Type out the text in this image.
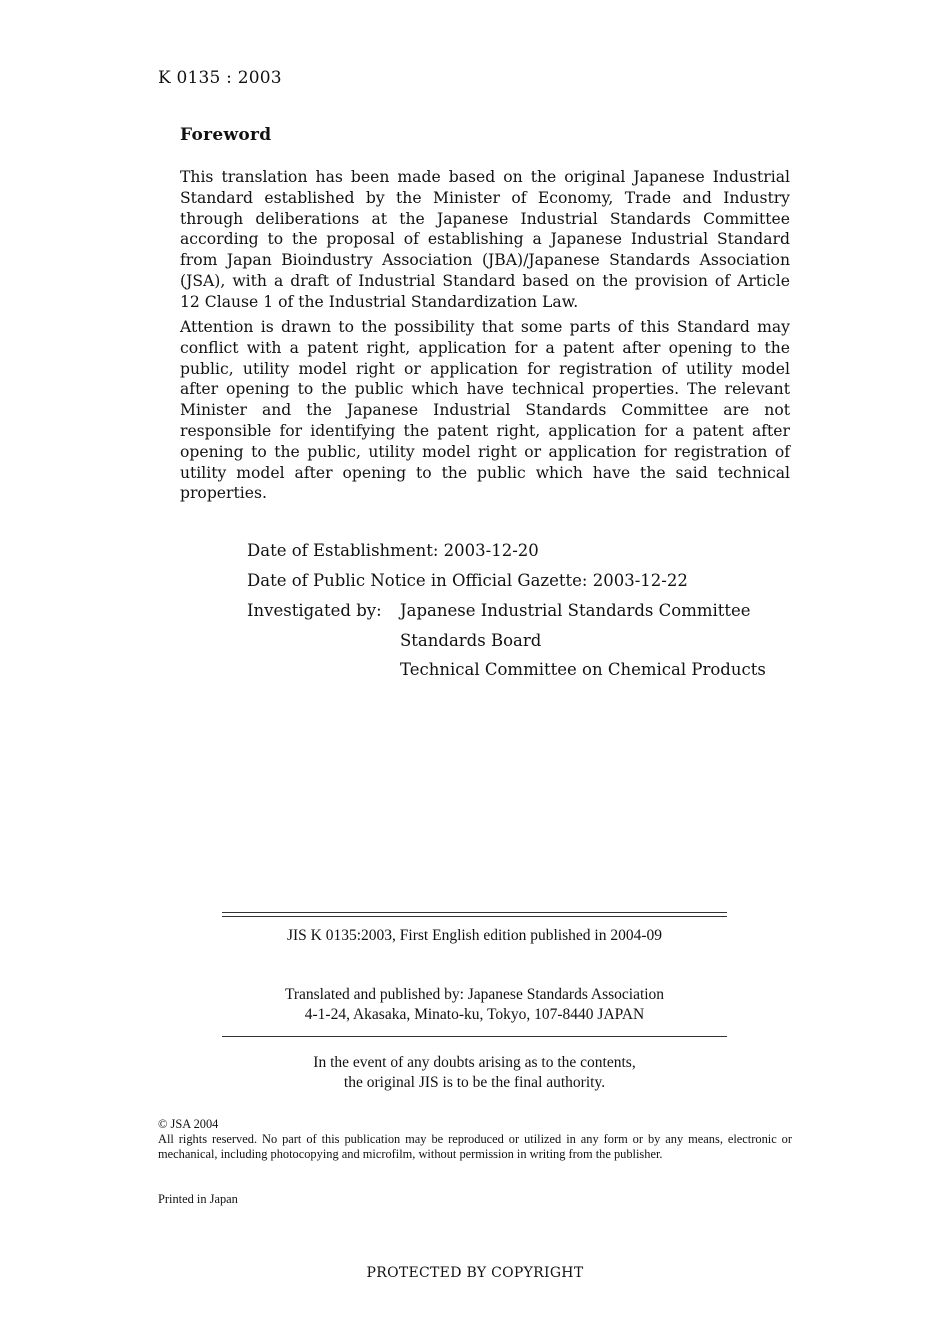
K 0135 : 2003
Foreword
This translation has been made based on the original Japanese Industrial Standard established by the Minister of Economy, Trade and Industry through deliberations at the Japanese Industrial Standards Committee according to the proposal of establishing a Japanese Industrial Standard from Japan Bioindustry Association (JBA)/Japanese Standards Association (JSA), with a draft of Industrial Standard based on the provision of Article 12 Clause 1 of the Industrial Standardization Law.
Attention is drawn to the possibility that some parts of this Standard may conflict with a patent right, application for a patent after opening to the public, utility model right or application for registration of utility model after opening to the public which have technical properties. The relevant Minister and the Japanese Industrial Standards Committee are not responsible for identifying the patent right, application for a patent after opening to the public, utility model right or application for registration of utility model after opening to the public which have the said technical properties.
Date of Establishment: 2003-12-20
Date of Public Notice in Official Gazette: 2003-12-22
Investigated by: Japanese Industrial Standards Committee
Standards Board
Technical Committee on Chemical Products
JIS K 0135:2003, First English edition published in 2004-09
Translated and published by: Japanese Standards Association
4-1-24, Akasaka, Minato-ku, Tokyo, 107-8440 JAPAN
In the event of any doubts arising as to the contents,
the original JIS is to be the final authority.
© JSA 2004
All rights reserved. No part of this publication may be reproduced or utilized in any form or by any means, electronic or mechanical, including photocopying and microfilm, without permission in writing from the publisher.
Printed in Japan
PROTECTED BY COPYRIGHT
